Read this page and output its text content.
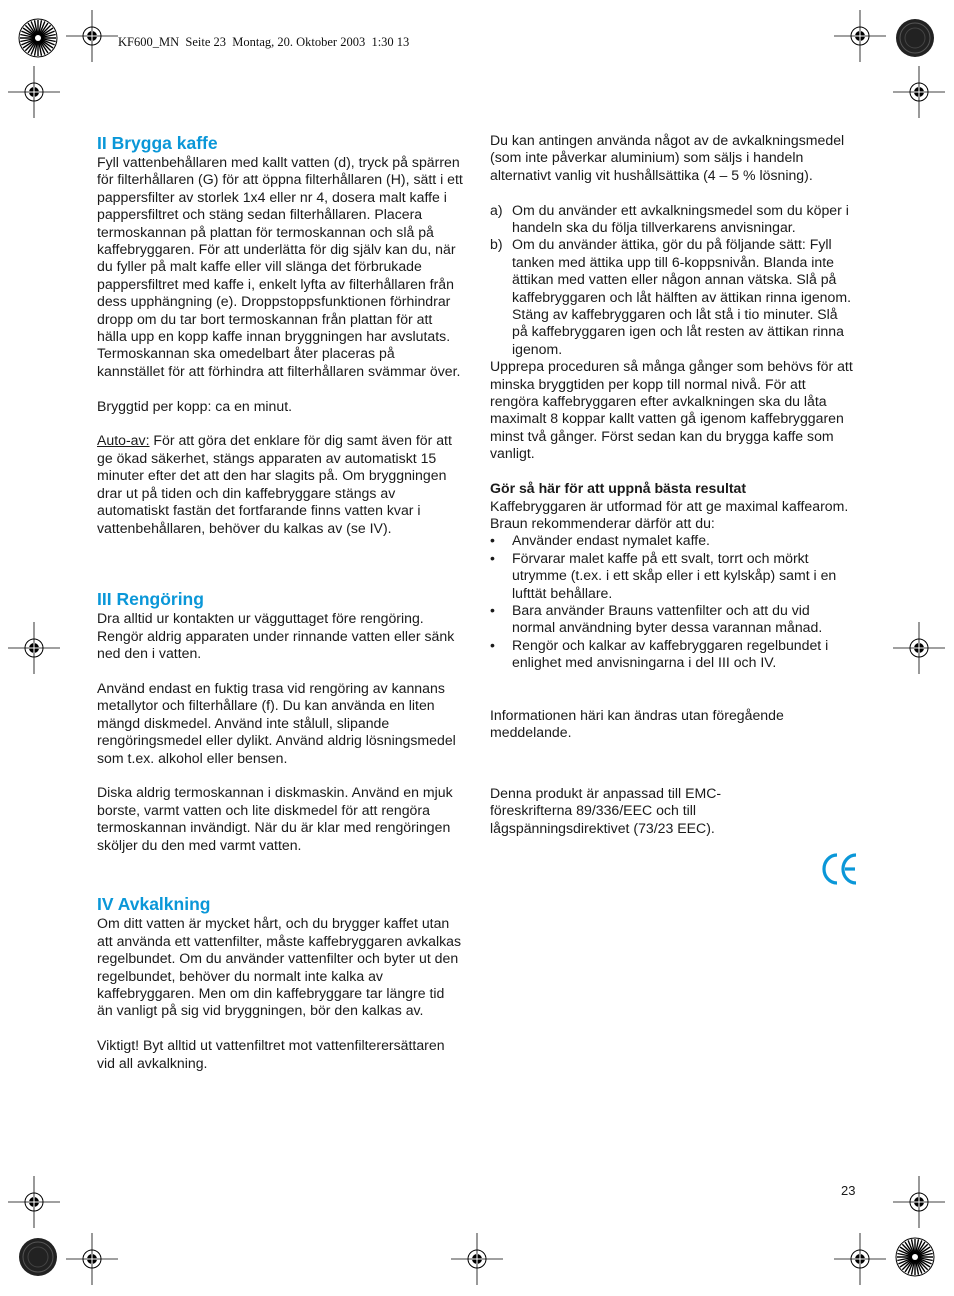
KF600_MN  Seite 23  Montag, 20. Oktober 2003  1:30 13
II Brygga kaffe

Fyll vattenbehållaren med kallt vatten (d), tryck på spärren för filterhållaren (G) för att öppna filterhållaren (H), sätt i ett pappersfilter av storlek 1x4 eller nr 4, dosera malt kaffe i pappersfiltret och stäng sedan filterhållaren. Placera termoskannan på plattan för termoskannan och slå på kaffebryggaren. För att underlätta för dig själv kan du, när du fyller på malt kaffe eller vill slänga det förbrukade pappersfiltret med kaffe i, enkelt lyfta av filterhållaren från dess upphängning (e). Droppstoppsfunktionen förhindrar dropp om du tar bort termoskannan från plattan för att hälla upp en kopp kaffe innan bryggningen har avslutats. Termoskannan ska omedelbart åter placeras på kannstället för att förhindra att filterhållaren svämmar över.

Bryggtid per kopp: ca en minut.

Auto-av: För att göra det enklare för dig samt även för att ge ökad säkerhet, stängs apparaten av automatiskt 15 minuter efter det att den har slagits på. Om bryggningen drar ut på tiden och din kaffebryggare stängs av automatiskt fastän det fortfarande finns vatten kvar i vattenbehållaren, behöver du kalkas av (se IV).

III Rengöring

Dra alltid ur kontakten ur vägguttaget före rengöring. Rengör aldrig apparaten under rinnande vatten eller sänk ned den i vatten.

Använd endast en fuktig trasa vid rengöring av kannans metallytor och filterhållare (f). Du kan använda en liten mängd diskmedel. Använd inte stålull, slipande rengöringsmedel eller dylikt. Använd aldrig lösningsmedel som t.ex. alkohol eller bensen.

Diska aldrig termoskannan i diskmaskin. Använd en mjuk borste, varmt vatten och lite diskmedel för att rengöra termoskannan invändigt. När du är klar med rengöringen sköljer du den med varmt vatten.

IV Avkalkning

Om ditt vatten är mycket hårt, och du brygger kaffet utan att använda ett vattenfilter, måste kaffebryggaren avkalkas regelbundet. Om du använder vattenfilter och byter ut den regelbundet, behöver du normalt inte kalka av kaffebryggaren. Men om din kaffebryggare tar längre tid än vanligt på sig vid bryggningen, bör den kalkas av.

Viktigt! Byt alltid ut vattenfiltret mot vattenfilterersättaren vid all avkalkning.

Du kan antingen använda något av de avkalkningsmedel (som inte påverkar aluminium) som säljs i handeln alternativt vanlig vit hushållsättika (4 – 5 % lösning).

a) Om du använder ett avkalkningsmedel som du köper i handeln ska du följa tillverkarens anvisningar.
b) Om du använder ättika, gör du på följande sätt: Fyll tanken med ättika upp till 6-koppsnivån. Blanda inte ättikan med vatten eller någon annan vätska. Slå på kaffebryggaren och låt hälften av ättikan rinna igenom. Stäng av kaffebryggaren och låt stå i tio minuter. Slå på kaffebryggaren igen och låt resten av ättikan rinna igenom.

Upprepa proceduren så många gånger som behövs för att minska bryggtiden per kopp till normal nivå. För att rengöra kaffebryggaren efter avkalkningen ska du låta maximalt 8 koppar kallt vatten gå igenom kaffebryggaren minst två gånger. Först sedan kan du brygga kaffe som vanligt.

Gör så här för att uppnå bästa resultat

Kaffebryggaren är utformad för att ge maximal kaffearom. Braun rekommenderar därför att du:

•	Använder endast nymalet kaffe.
•	Förvarar malet kaffe på ett svalt, torrt och mörkt utrymme (t.ex. i ett skåp eller i ett kylskåp) samt i en lufttät behållare.
•	Bara använder Brauns vattenfilter och att du vid normal användning byter dessa varannan månad.
•	Rengör och kalkar av kaffebryggaren regelbundet i enlighet med anvisningarna i del III och IV.

Informationen häri kan ändras utan föregående meddelande.

Denna produkt är anpassad till EMC-föreskrifterna 89/336/EEC och till lågspänningsdirektivet (73/23 EEC).

23
